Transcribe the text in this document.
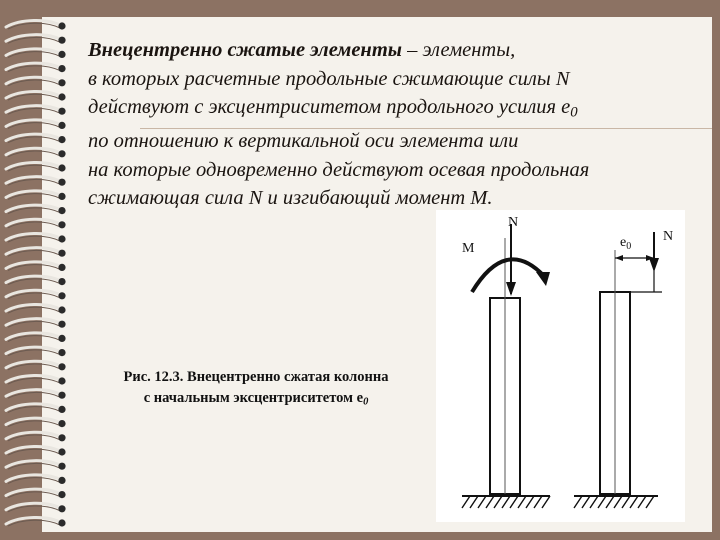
Внецентренно сжатые элементы – элементы,
в которых расчетные продольные сжимающие силы N
действуют с эксцентриситетом продольного усилия $e_0$
по отношению к вертикальной оси элемента или
на которые одновременно действуют осевая продольная
сжимающая сила N и изгибающий момент M.
N
M	$e_0$
N
Рис. 12.3. Внецентренно сжатая колонна
с начальным эксцентриситетом $e_0$
